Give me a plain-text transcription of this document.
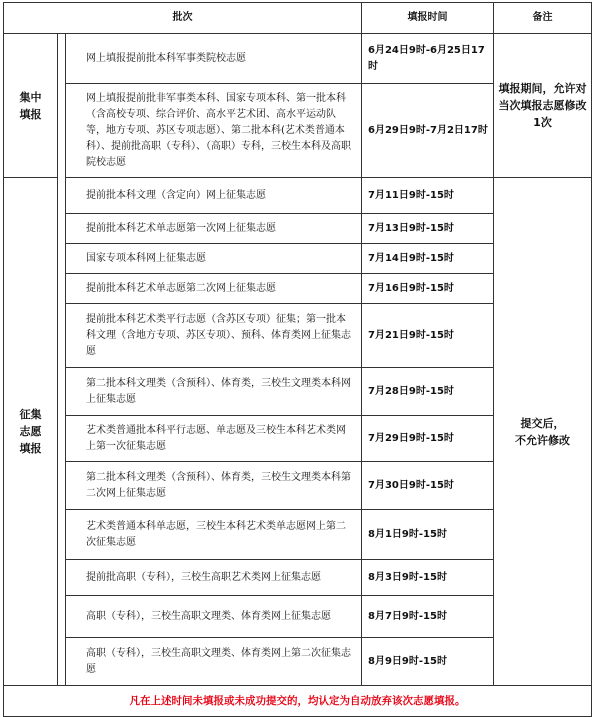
批次			填报时间	备注
集中
填报		网上填报提前批本科军事类院校志愿	6月24日9时-6月25日17时	填报期间，允许对当次填报志愿修改1次
		网上填报提前批非军事类本科、国家专项本科、第一批本科（含高校专项、综合评价、高水平艺术团、高水平运动队等，地方专项、苏区专项志愿）、第二批本科(艺术类普通本科）、提前批高职（专科）、（高职）专科，三校生本科及高职院校志愿	6月29日9时-7月2日17时	
征集
志愿
填报		提前批本科文理（含定向）网上征集志愿	7月11日9时-15时	提交后，
不允许修改
		提前批本科艺术单志愿第一次网上征集志愿	7月13日9时-15时	
		国家专项本科网上征集志愿	7月14日9时-15时	
		提前批本科艺术单志愿第二次网上征集志愿	7月16日9时-15时	
		提前批本科艺术类平行志愿（含苏区专项）征集；第一批本科文理（含地方专项、苏区专项）、预科、体育类网上征集志愿	7月21日9时-15时	
		第二批本科文理类（含预科）、体育类，三校生文理类本科网上征集志愿	7月28日9时-15时	
		艺术类普通批本科平行志愿、单志愿及三校生本科艺术类网上第一次征集志愿	7月29日9时-15时	
		第二批本科文理类（含预科）、体育类，三校生文理类本科第二次网上征集志愿	7月30日9时-15时	
		艺术类普通本科单志愿，三校生本科艺术类单志愿网上第二次征集志愿	8月1日9时-15时	
		提前批高职（专科），三校生高职艺术类网上征集志愿	8月3日9时-15时	
		高职（专科），三校生高职文理类、体育类网上征集志愿	8月7日9时-15时	
		高职（专科），三校生高职文理类、体育类网上第二次征集志愿	8月9日9时-15时	
凡在上述时间未填报或未成功提交的，均认定为自动放弃该次志愿填报。				
